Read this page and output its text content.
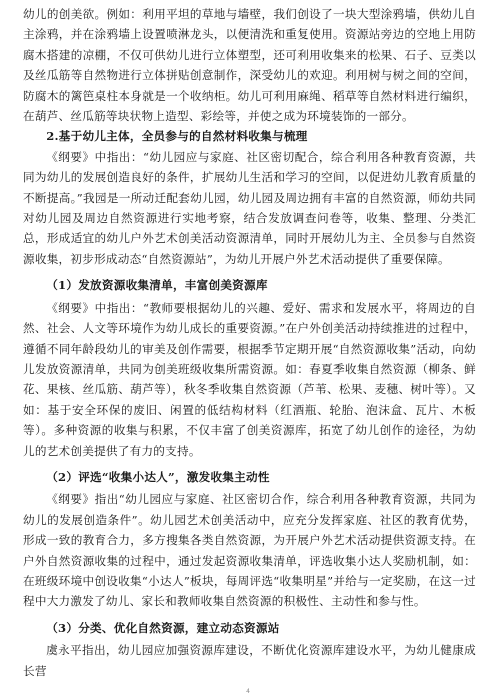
幼儿的创美欲。例如：利用平坦的草地与墙壁，我们创设了一块大型涂鸦墙，供幼儿自主涂鸦，并在涂鸦墙上设置喷淋龙头，以便清洗和重复使用。资源站旁边的空地上用防腐木搭建的凉棚，不仅可供幼儿进行立体塑型，还可利用收集来的松果、石子、豆类以及丝瓜筋等自然物进行立体拼贴创意制作，深受幼儿的欢迎。利用树与树之间的空间，防腐木的篱笆桌柱本身就是一个收纳柜。幼儿可利用麻绳、稻草等自然材料进行编织，在葫芦、丝瓜筋等块状物上造型、彩绘等，并使之成为环境装饰的一部分。

2.基于幼儿主体，全员参与的自然材料收集与梳理

《纲要》中指出：“幼儿园应与家庭、社区密切配合，综合利用各种教育资源，共同为幼儿的发展创造良好的条件，扩展幼儿生活和学习的空间，以促进幼儿教育质量的不断提高。”我园是一所动迁配套幼儿园，幼儿园及周边拥有丰富的自然资源，师幼共同对幼儿园及周边自然资源进行实地考察，结合发放调查问卷等，收集、整理、分类汇总，形成适宜的幼儿户外艺术创美活动资源清单，同时开展幼儿为主、全员参与自然资源收集，初步形成动态“自然资源站”，为幼儿开展户外艺术活动提供了重要保障。

（1）发放资源收集清单，丰富创美资源库

《纲要》中指出：“教师要根据幼儿的兴趣、爱好、需求和发展水平，将周边的自然、社会、人文等环境作为幼儿成长的重要资源。”在户外创美活动持续推进的过程中，遵循不同年龄段幼儿的审美及创作需要，根据季节定期开展“自然资源收集”活动，向幼儿发放资源清单，共同为创美班级收集所需资源。如：春夏季收集自然资源（柳条、鲜花、果核、丝瓜筋、葫芦等），秋冬季收集自然资源（芦苇、松果、麦穗、树叶等）。又如：基于安全环保的废旧、闲置的低结构材料（红酒瓶、轮胎、泡沫盒、瓦片、木板等）。多种资源的收集与积累，不仅丰富了创美资源库，拓宽了幼儿创作的途径，为幼儿的艺术创美提供了有力的支持。

（2）评选“收集小达人”，激发收集主动性

《纲要》指出“幼儿园应与家庭、社区密切合作，综合利用各种教育资源，共同为幼儿的发展创造条件”。幼儿园艺术创美活动中，应充分发挥家庭、社区的教育优势，形成一致的教育合力，多方搜集各类自然资源，为开展户外艺术活动提供资源支持。在户外自然资源收集的过程中，通过发起资源收集清单，评选收集小达人奖励机制，如：在班级环境中创设收集“小达人”板块，每周评选“收集明星”并给与一定奖励，在这一过程中大力激发了幼儿、家长和教师收集自然资源的积极性、主动性和参与性。

（3）分类、优化自然资源，建立动态资源站

虞永平指出，幼儿园应加强资源库建设，不断优化资源库建设水平，为幼儿健康成长营

4
